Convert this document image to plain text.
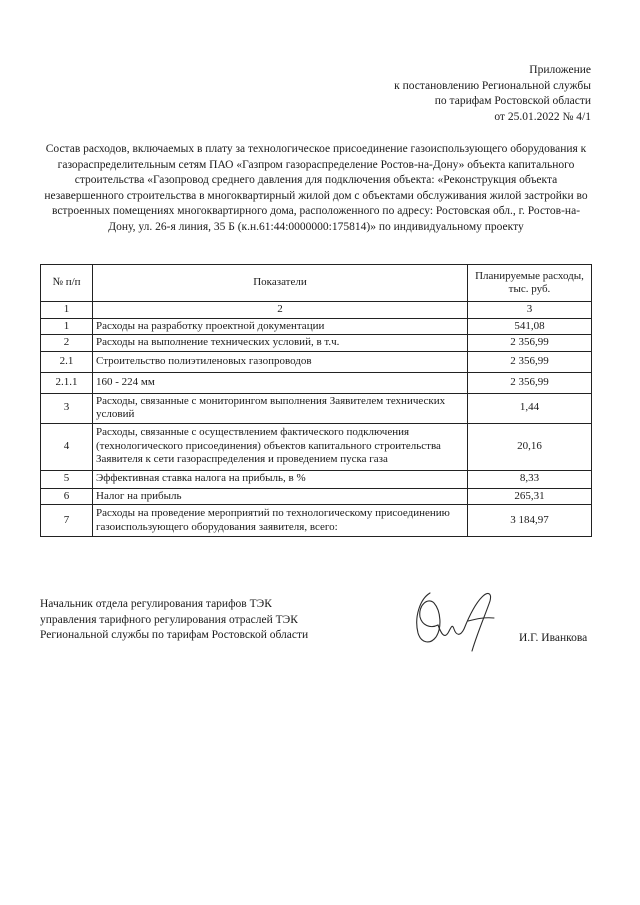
Приложение
к постановлению Региональной службы
по тарифам Ростовской области
от 25.01.2022 № 4/1
Состав расходов, включаемых в плату за технологическое присоединение газоиспользующего оборудования к
газораспределительным сетям ПАО «Газпром газораспределение Ростов-на-Дону» объекта капитального
строительства «Газопровод среднего давления для подключения объекта: «Реконструкция объекта
незавершенного строительства в многоквартирный жилой дом с объектами обслуживания жилой застройки во
встроенных помещениях многоквартирного дома, расположенного по адресу: Ростовская обл., г. Ростов-на-
Дону, ул. 26-я линия, 35 Б (к.н.61:44:0000000:175814)» по индивидуальному проекту
№ п/п	Показатели	Планируемые расходы,
тыс. руб.

1	2	3
1	Расходы на разработку проектной документации	541,08
2	Расходы на выполнение технических условий, в т.ч.	2 356,99
2.1	Строительство полиэтиленовых газопроводов	2 356,99
2.1.1	160 - 224 мм	2 356,99
3	Расходы, связанные с мониторингом выполнения Заявителем технических условий	1,44
4	Расходы, связанные с осуществлением фактического подключения (технологического присоединения) объектов капитального строительства Заявителя к сети газораспределения и проведением пуска газа	20,16
5	Эффективная ставка налога на прибыль, в %	8,33
6	Налог на прибыль	265,31
7	Расходы на проведение мероприятий по технологическому присоединению газоиспользующего оборудования заявителя, всего:	3 184,97
Начальник отдела регулирования тарифов ТЭК
управления тарифного регулирования отраслей ТЭК
Региональной службы по тарифам Ростовской области	И.Г. Иванкова
